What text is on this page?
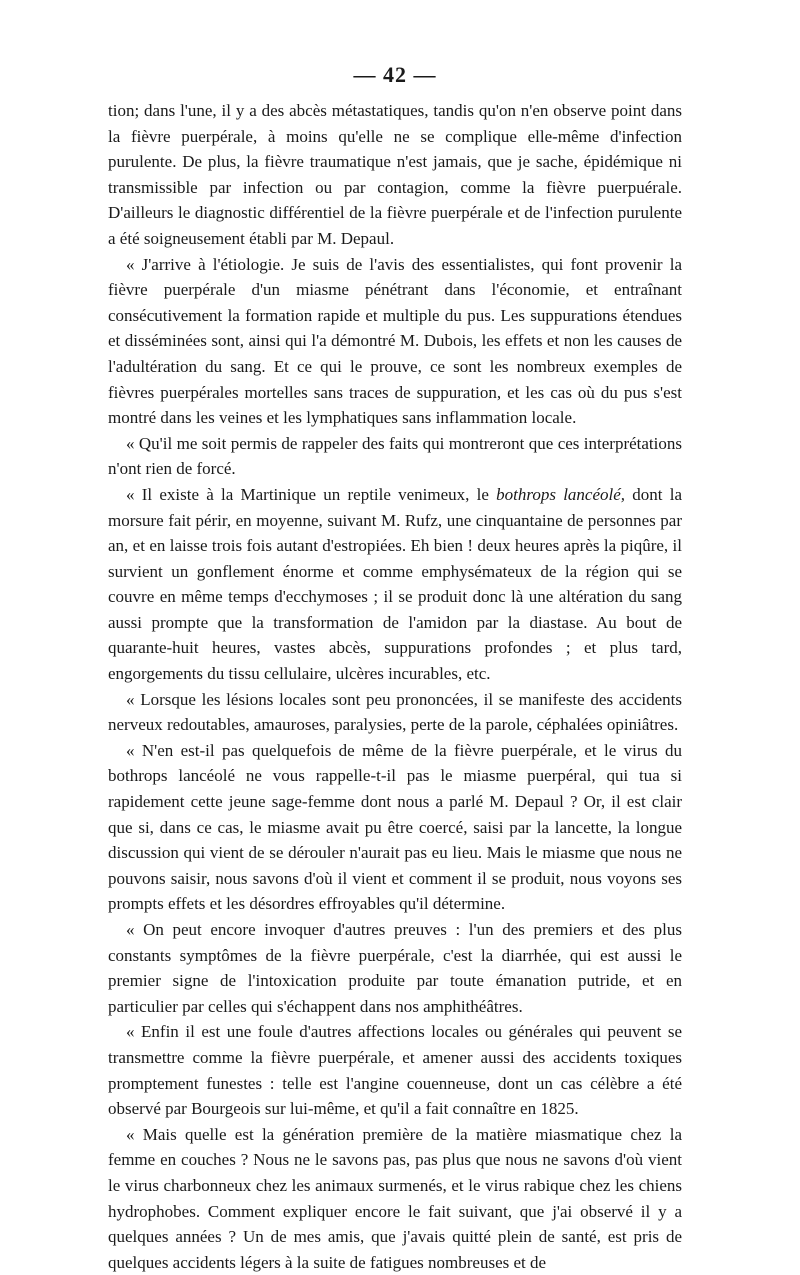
— 42 —

tion; dans l'une, il y a des abcès métastatiques, tandis qu'on n'en observe point dans la fièvre puerpérale, à moins qu'elle ne se complique elle-même d'infection purulente. De plus, la fièvre traumatique n'est jamais, que je sache, épidémique ni transmissible par infection ou par contagion, comme la fièvre puerpuérale. D'ailleurs le diagnostic différentiel de la fièvre puerpérale et de l'infection purulente a été soigneusement établi par M. Depaul.

« J'arrive à l'étiologie. Je suis de l'avis des essentialistes, qui font provenir la fièvre puerpérale d'un miasme pénétrant dans l'économie, et entraînant consécutivement la formation rapide et multiple du pus. Les suppurations étendues et disséminées sont, ainsi qui l'a démontré M. Dubois, les effets et non les causes de l'adultération du sang. Et ce qui le prouve, ce sont les nombreux exemples de fièvres puerpérales mortelles sans traces de suppuration, et les cas où du pus s'est montré dans les veines et les lymphatiques sans inflammation locale.

« Qu'il me soit permis de rappeler des faits qui montreront que ces interprétations n'ont rien de forcé.

« Il existe à la Martinique un reptile venimeux, le bothrops lancéolé, dont la morsure fait périr, en moyenne, suivant M. Rufz, une cinquantaine de personnes par an, et en laisse trois fois autant d'estropiées. Eh bien ! deux heures après la piqûre, il survient un gonflement énorme et comme emphysémateux de la région qui se couvre en même temps d'ecchymoses ; il se produit donc là une altération du sang aussi prompte que la transformation de l'amidon par la diastase. Au bout de quarante-huit heures, vastes abcès, suppurations profondes ; et plus tard, engorgements du tissu cellulaire, ulcères incurables, etc.

« Lorsque les lésions locales sont peu prononcées, il se manifeste des accidents nerveux redoutables, amauroses, paralysies, perte de la parole, céphalées opiniâtres.

« N'en est-il pas quelquefois de même de la fièvre puerpérale, et le virus du bothrops lancéolé ne vous rappelle-t-il pas le miasme puerpéral, qui tua si rapidement cette jeune sage-femme dont nous a parlé M. Depaul ? Or, il est clair que si, dans ce cas, le miasme avait pu être coercé, saisi par la lancette, la longue discussion qui vient de se dérouler n'aurait pas eu lieu. Mais le miasme que nous ne pouvons saisir, nous savons d'où il vient et comment il se produit, nous voyons ses prompts effets et les désordres effroyables qu'il détermine.

« On peut encore invoquer d'autres preuves : l'un des premiers et des plus constants symptômes de la fièvre puerpérale, c'est la diarrhée, qui est aussi le premier signe de l'intoxication produite par toute émanation putride, et en particulier par celles qui s'échappent dans nos amphithéâtres.

« Enfin il est une foule d'autres affections locales ou générales qui peuvent se transmettre comme la fièvre puerpérale, et amener aussi des accidents toxiques promptement funestes : telle est l'angine couenneuse, dont un cas célèbre a été observé par Bourgeois sur lui-même, et qu'il a fait connaître en 1825.

« Mais quelle est la génération première de la matière miasmatique chez la femme en couches ? Nous ne le savons pas, pas plus que nous ne savons d'où vient le virus charbonneux chez les animaux surmenés, et le virus rabique chez les chiens hydrophobes. Comment expliquer encore le fait suivant, que j'ai observé il y a quelques années ? Un de mes amis, que j'avais quitté plein de santé, est pris de quelques accidents légers à la suite de fatigues nombreuses et de
